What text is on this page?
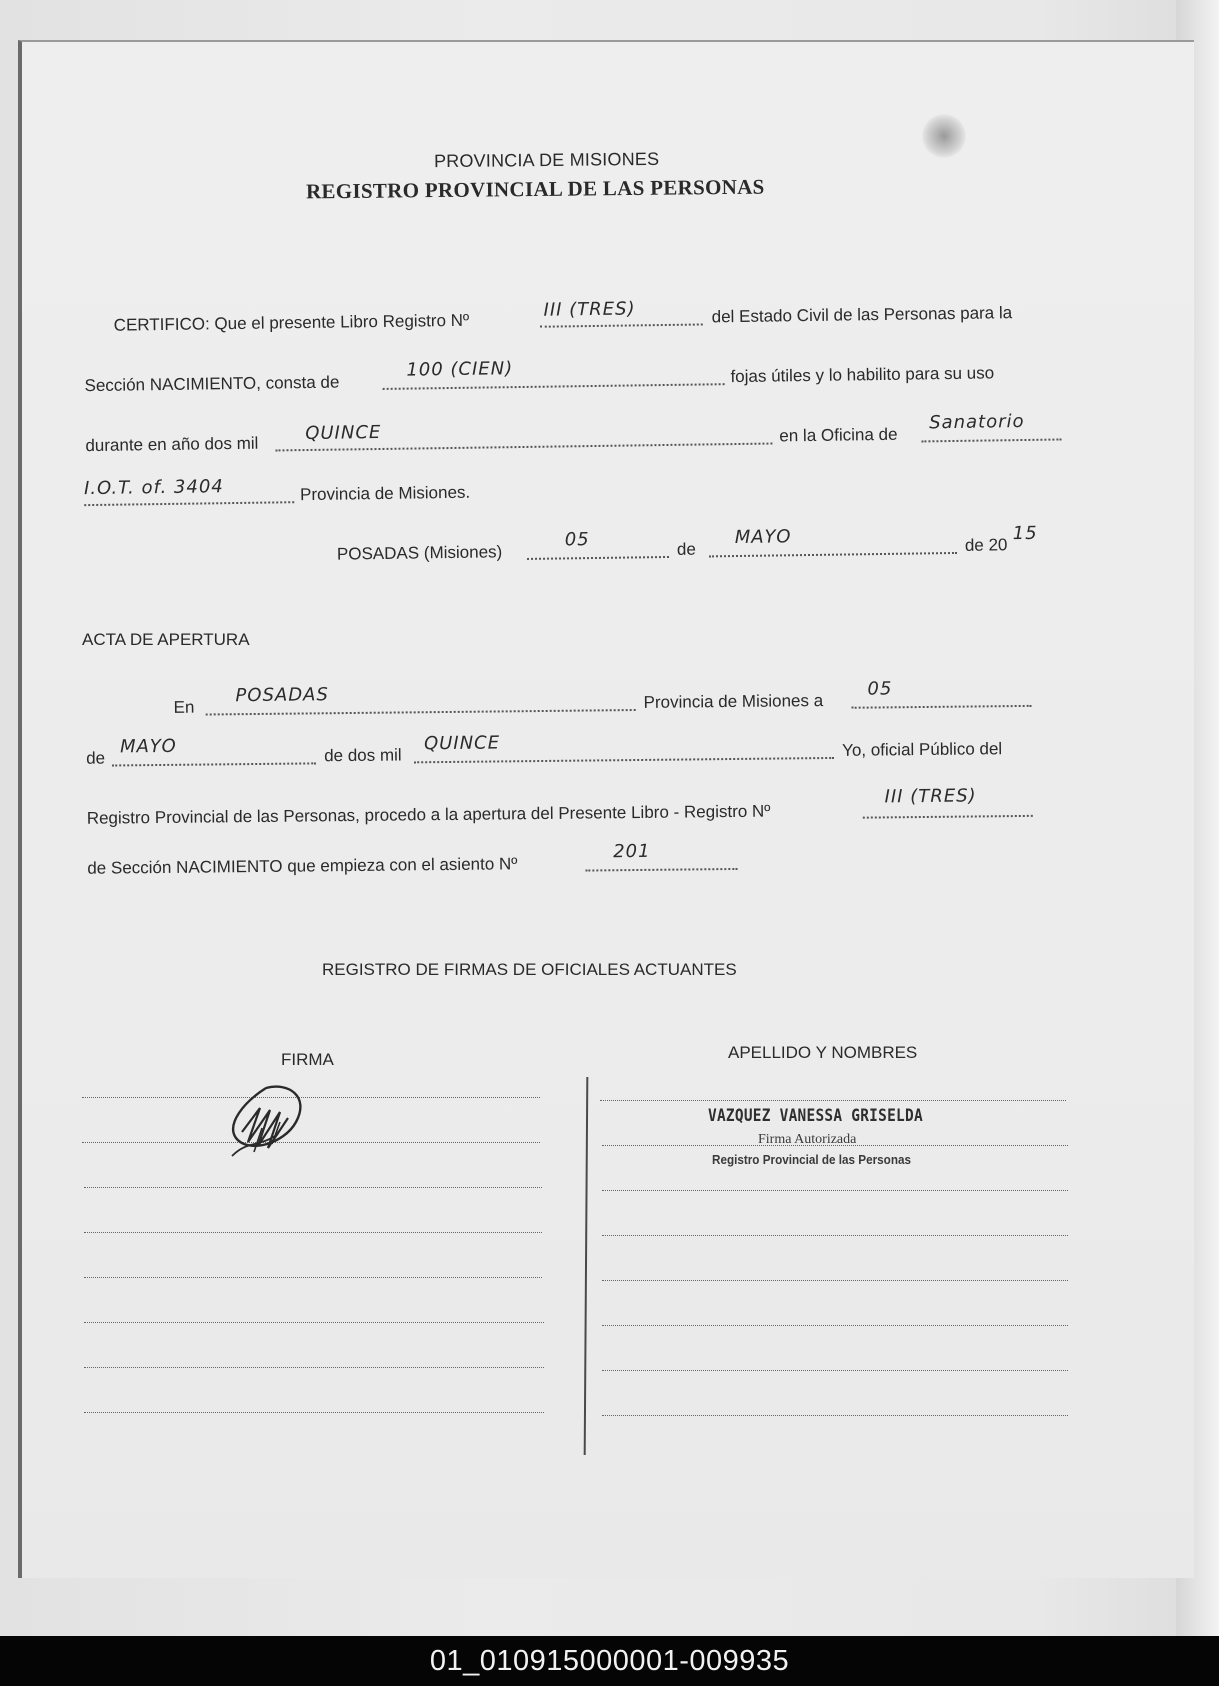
PROVINCIA DE MISIONES
REGISTRO PROVINCIAL DE LAS PERSONAS
CERTIFICO: Que el presente Libro Registro Nº
III (TRES)	del Estado Civil de las Personas para la
Sección NACIMIENTO, consta de
100 (CIEN)	fojas útiles y lo habilito para su uso
durante en año dos mil
QUINCE	en la Oficina de
Sanatorio
I.O.T. of. 3404	Provincia de Misiones.
POSADAS (Misiones)
05	de
MAYO	de 20
15
ACTA DE APERTURA
En
POSADAS	Provincia de Misiones a
05
de
MAYO	de dos mil
QUINCE	Yo, oficial Público del
Registro Provincial de las Personas, procedo a la apertura del Presente Libro - Registro Nº
III (TRES)
de Sección NACIMIENTO que empieza con el asiento Nº
201
REGISTRO DE FIRMAS DE OFICIALES ACTUANTES
FIRMA	APELLIDO Y NOMBRES
VAZQUEZ VANESSA GRISELDA
Firma Autorizada
Registro Provincial de las Personas
01_010915000001-009935
